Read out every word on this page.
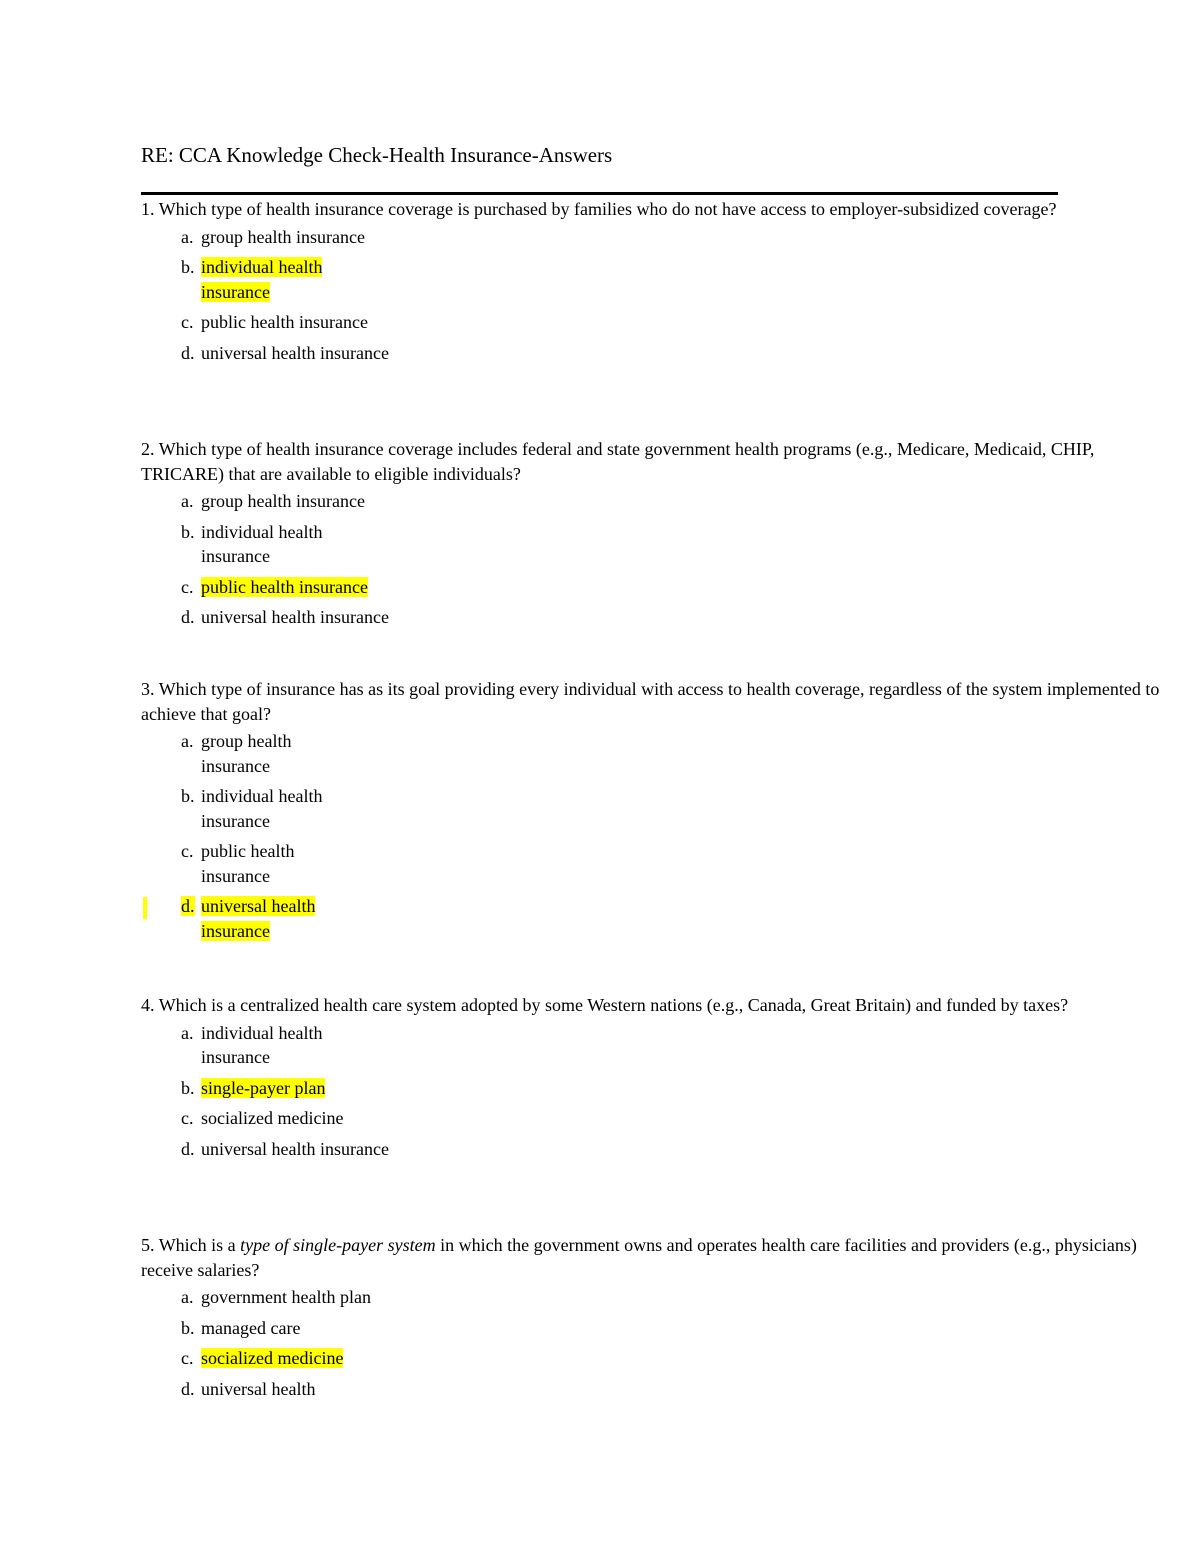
RE: CCA Knowledge Check-Health Insurance-Answers

1. Which type of health insurance coverage is purchased by families who do not have access to employer-subsidized coverage?

a. group health insurance
b. individual health insurance
c. public health insurance
d. universal health insurance

2. Which type of health insurance coverage includes federal and state government health programs (e.g., Medicare, Medicaid, CHIP, TRICARE) that are available to eligible individuals?

a. group health insurance
b. individual health insurance
c. public health insurance
d. universal health insurance

3. Which type of insurance has as its goal providing every individual with access to health coverage, regardless of the system implemented to achieve that goal?

a. group health insurance
b. individual health insurance
c. public health insurance
d. universal health insurance

4. Which is a centralized health care system adopted by some Western nations (e.g., Canada, Great Britain) and funded by taxes?

a. individual health insurance
b. single-payer plan
c. socialized medicine
d. universal health insurance

5. Which is a type of single-payer system in which the government owns and operates health care facilities and providers (e.g., physicians) receive salaries?

a. government health plan
b. managed care
c. socialized medicine
d. universal health
